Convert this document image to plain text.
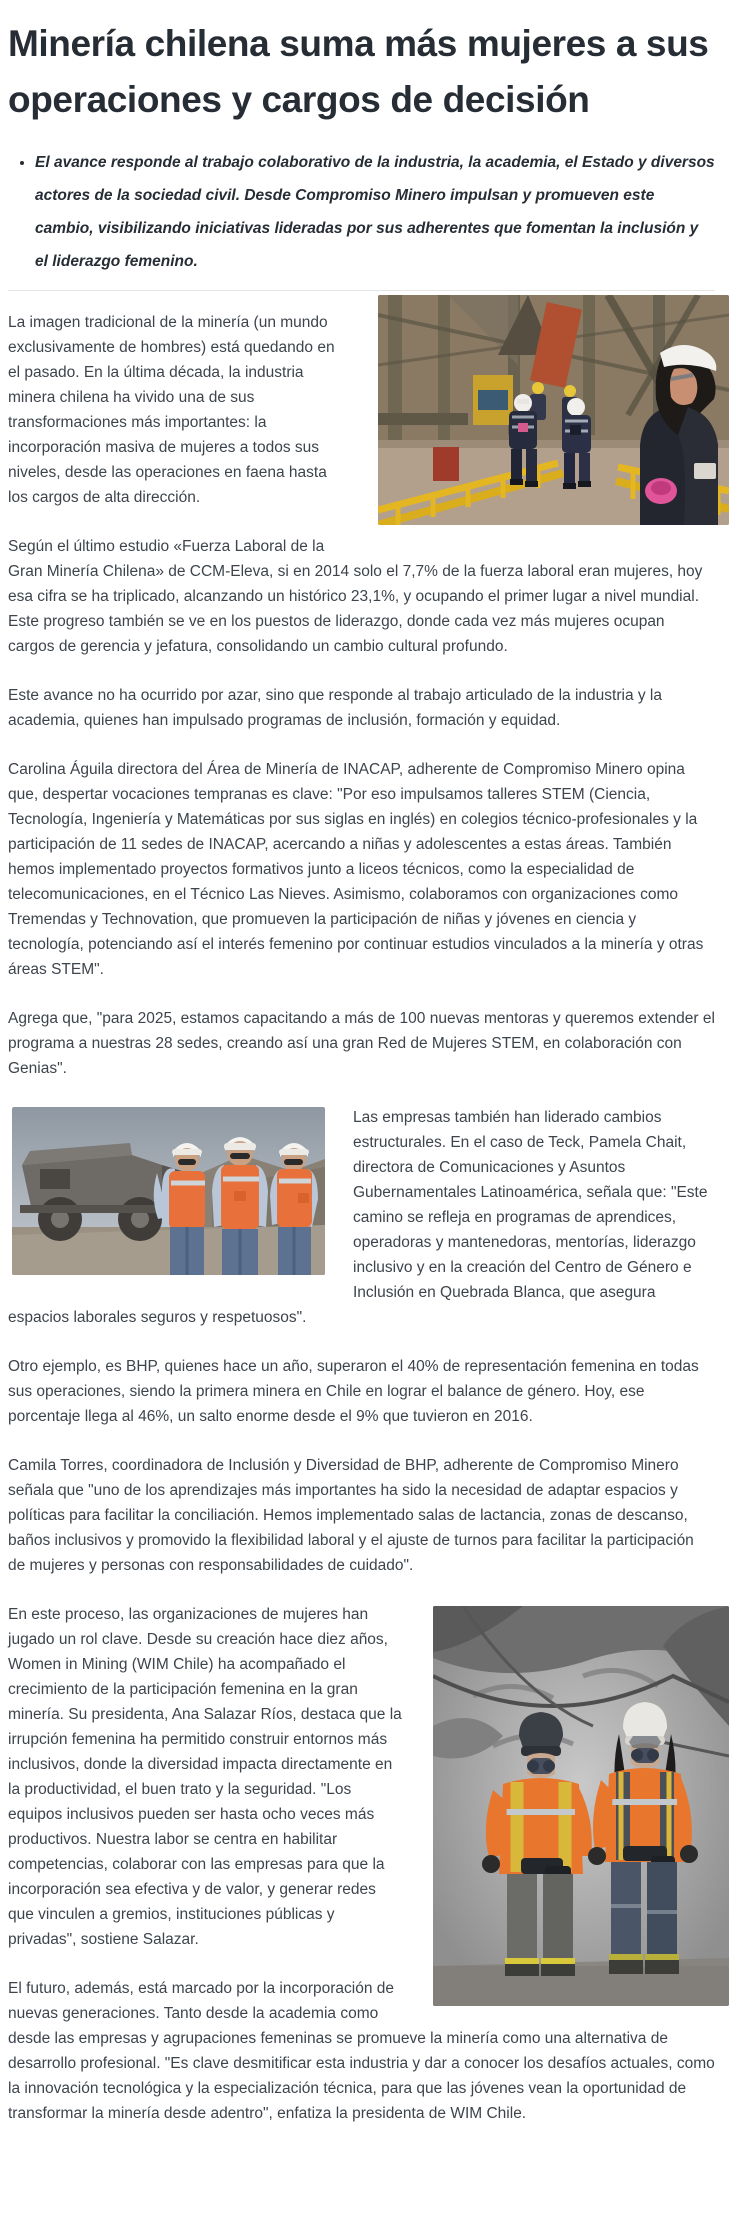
Minería chilena suma más mujeres a sus operaciones y cargos de decisión
• El avance responde al trabajo colaborativo de la industria, la academia, el Estado y diversos actores de la sociedad civil. Desde Compromiso Minero impulsan y promueven este cambio, visibilizando iniciativas lideradas por sus adherentes que fomentan la inclusión y el liderazgo femenino.

La imagen tradicional de la minería (un mundo exclusivamente de hombres) está quedando en el pasado. En la última década, la industria minera chilena ha vivido una de sus transformaciones más importantes: la incorporación masiva de mujeres a todos sus niveles, desde las operaciones en faena hasta los cargos de alta dirección.

Según el último estudio «Fuerza Laboral de la Gran Minería Chilena» de CCM-Eleva, si en 2014 solo el 7,7% de la fuerza laboral eran mujeres, hoy esa cifra se ha triplicado, alcanzando un histórico 23,1%, y ocupando el primer lugar a nivel mundial. Este progreso también se ve en los puestos de liderazgo, donde cada vez más mujeres ocupan cargos de gerencia y jefatura, consolidando un cambio cultural profundo.

Este avance no ha ocurrido por azar, sino que responde al trabajo articulado de la industria y la academia, quienes han impulsado programas de inclusión, formación y equidad.

Carolina Águila directora del Área de Minería de INACAP, adherente de Compromiso Minero opina que, despertar vocaciones tempranas es clave: "Por eso impulsamos talleres STEM (Ciencia, Tecnología, Ingeniería y Matemáticas por sus siglas en inglés) en colegios técnico-profesionales y la participación de 11 sedes de INACAP, acercando a niñas y adolescentes a estas áreas. También hemos implementado proyectos formativos junto a liceos técnicos, como la especialidad de telecomunicaciones, en el Técnico Las Nieves. Asimismo, colaboramos con organizaciones como Tremendas y Technovation, que promueven la participación de niñas y jóvenes en ciencia y tecnología, potenciando así el interés femenino por continuar estudios vinculados a la minería y otras áreas STEM".

Agrega que, "para 2025, estamos capacitando a más de 100 nuevas mentoras y queremos extender el programa a nuestras 28 sedes, creando así una gran Red de Mujeres STEM, en colaboración con Genias".

Las empresas también han liderado cambios estructurales. En el caso de Teck, Pamela Chait, directora de Comunicaciones y Asuntos Gubernamentales Latinoamérica, señala que: "Este camino se refleja en programas de aprendices, operadoras y mantenedoras, mentorías, liderazgo inclusivo y en la creación del Centro de Género e Inclusión en Quebrada Blanca, que asegura espacios laborales seguros y respetuosos".

Otro ejemplo, es BHP, quienes hace un año, superaron el 40% de representación femenina en todas sus operaciones, siendo la primera minera en Chile en lograr el balance de género. Hoy, ese porcentaje llega al 46%, un salto enorme desde el 9% que tuvieron en 2016.

Camila Torres, coordinadora de Inclusión y Diversidad de BHP, adherente de Compromiso Minero señala que "uno de los aprendizajes más importantes ha sido la necesidad de adaptar espacios y políticas para facilitar la conciliación. Hemos implementado salas de lactancia, zonas de descanso, baños inclusivos y promovido la flexibilidad laboral y el ajuste de turnos para facilitar la participación de mujeres y personas con responsabilidades de cuidado".

En este proceso, las organizaciones de mujeres han jugado un rol clave. Desde su creación hace diez años, Women in Mining (WIM Chile) ha acompañado el crecimiento de la participación femenina en la gran minería. Su presidenta, Ana Salazar Ríos, destaca que la irrupción femenina ha permitido construir entornos más inclusivos, donde la diversidad impacta directamente en la productividad, el buen trato y la seguridad. "Los equipos inclusivos pueden ser hasta ocho veces más productivos. Nuestra labor se centra en habilitar competencias, colaborar con las empresas para que la incorporación sea efectiva y de valor, y generar redes que vinculen a gremios, instituciones públicas y privadas", sostiene Salazar.

El futuro, además, está marcado por la incorporación de nuevas generaciones. Tanto desde la academia como desde las empresas y agrupaciones femeninas se promueve la minería como una alternativa de desarrollo profesional. "Es clave desmitificar esta industria y dar a conocer los desafíos actuales, como la innovación tecnológica y la especialización técnica, para que las jóvenes vean la oportunidad de transformar la minería desde adentro", enfatiza la presidenta de WIM Chile.
